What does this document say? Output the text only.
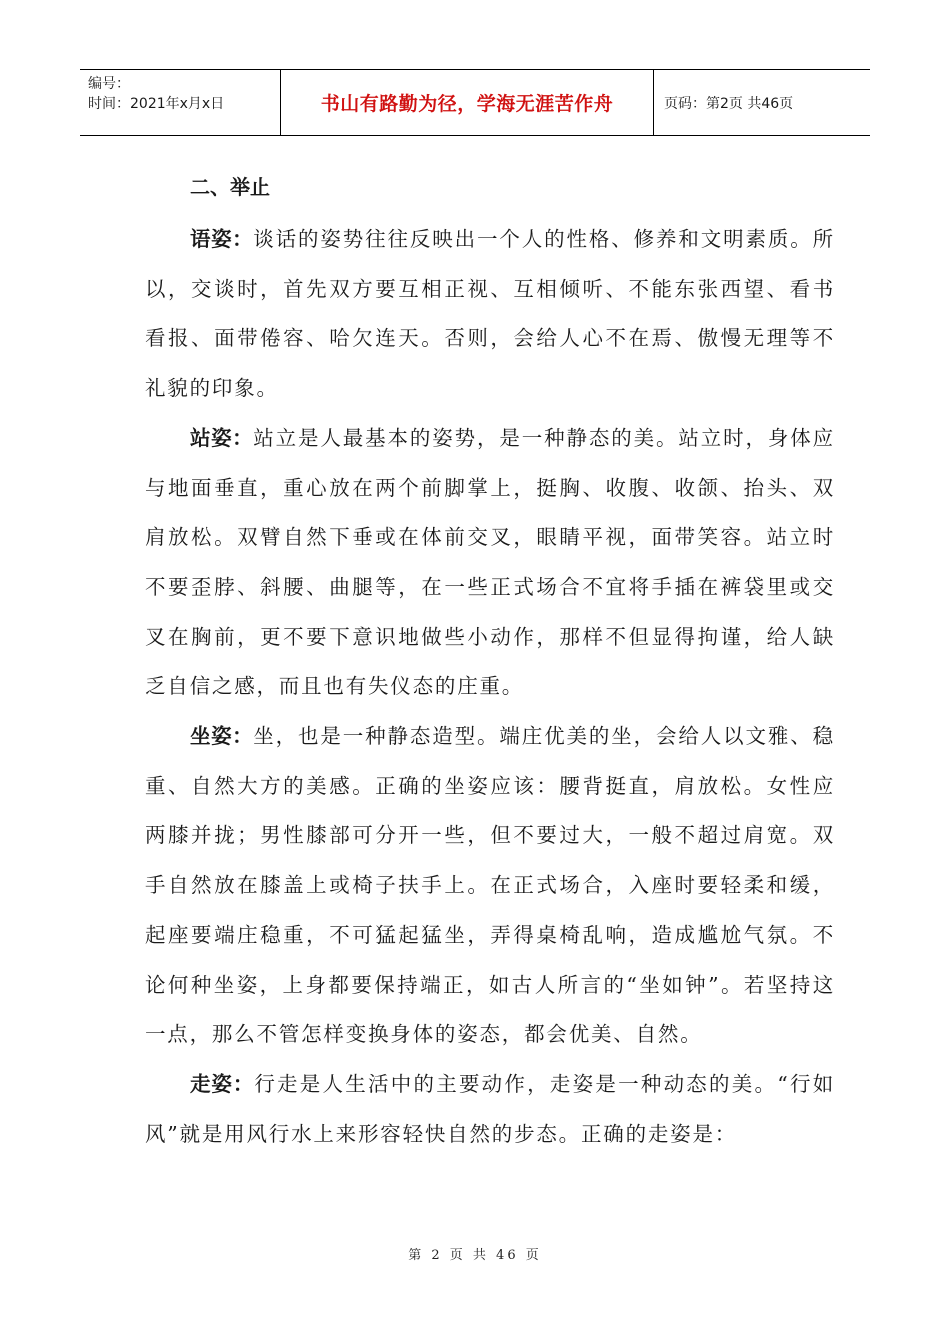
编号：
时间：2021年x月x日	书山有路勤为径，学海无涯苦作舟	页码：第2页 共46页
二、举止

语姿：谈话的姿势往往反映出一个人的性格、修养和文明素质。所以，交谈时，首先双方要互相正视、互相倾听、不能东张西望、看书看报、面带倦容、哈欠连天。否则，会给人心不在焉、傲慢无理等不礼貌的印象。

站姿：站立是人最基本的姿势，是一种静态的美。站立时，身体应与地面垂直，重心放在两个前脚掌上，挺胸、收腹、收颌、抬头、双肩放松。双臂自然下垂或在体前交叉，眼睛平视，面带笑容。站立时不要歪脖、斜腰、曲腿等，在一些正式场合不宜将手插在裤袋里或交叉在胸前，更不要下意识地做些小动作，那样不但显得拘谨，给人缺乏自信之感，而且也有失仪态的庄重。

坐姿：坐，也是一种静态造型。端庄优美的坐，会给人以文雅、稳重、自然大方的美感。正确的坐姿应该：腰背挺直，肩放松。女性应两膝并拢；男性膝部可分开一些，但不要过大，一般不超过肩宽。双手自然放在膝盖上或椅子扶手上。在正式场合，入座时要轻柔和缓，起座要端庄稳重，不可猛起猛坐，弄得桌椅乱响，造成尴尬气氛。不论何种坐姿，上身都要保持端正，如古人所言的“坐如钟”。若坚持这一点，那么不管怎样变换身体的姿态，都会优美、自然。

走姿：行走是人生活中的主要动作，走姿是一种动态的美。“行如风”就是用风行水上来形容轻快自然的步态。正确的走姿是：

第 2 页 共 46 页
